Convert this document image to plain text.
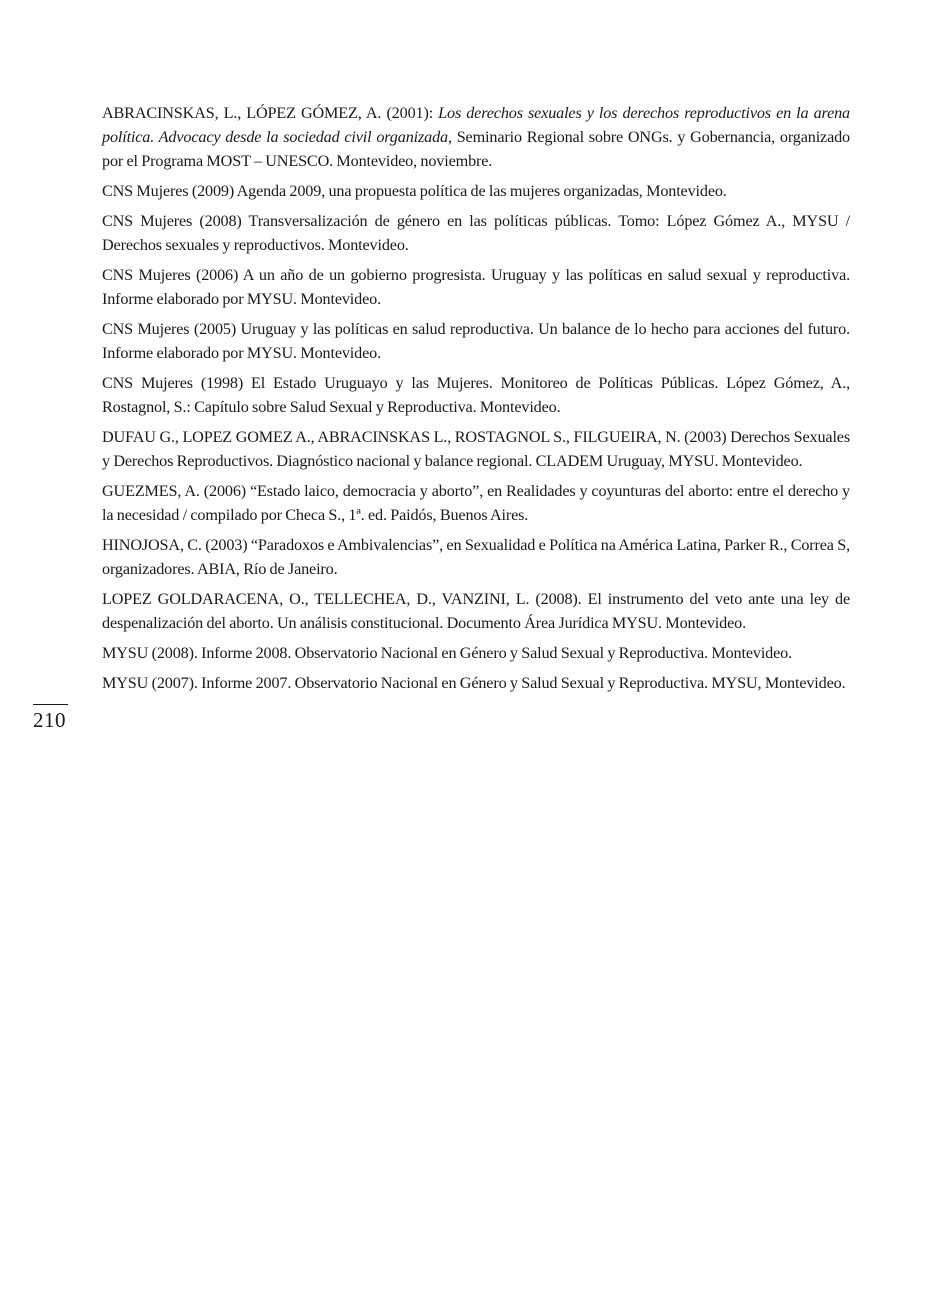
ABRACINSKAS, L., LÓPEZ GÓMEZ, A. (2001): Los derechos sexuales y los derechos reproductivos en la arena política. Advocacy desde la sociedad civil organizada, Seminario Regional sobre ONGs. y Gobernancia, organizado por el Programa MOST – UNESCO. Montevideo, noviembre.

CNS Mujeres (2009) Agenda 2009, una propuesta política de las mujeres organizadas, Montevideo.

CNS Mujeres (2008) Transversalización de género en las políticas públicas. Tomo: López Gómez A., MYSU / Derechos sexuales y reproductivos. Montevideo.

CNS Mujeres (2006) A un año de un gobierno progresista. Uruguay y las políticas en salud sexual y reproductiva. Informe elaborado por MYSU. Montevideo.

CNS Mujeres (2005) Uruguay y las políticas en salud reproductiva. Un balance de lo hecho para acciones del futuro. Informe elaborado por MYSU. Montevideo.

CNS Mujeres (1998) El Estado Uruguayo y las Mujeres. Monitoreo de Políticas Públicas. López Gómez, A., Rostagnol, S.: Capítulo sobre Salud Sexual y Reproductiva. Montevideo.

DUFAU G., LOPEZ GOMEZ A., ABRACINSKAS L., ROSTAGNOL S., FILGUEIRA, N. (2003) Derechos Sexuales y Derechos Reproductivos. Diagnóstico nacional y balance regional. CLADEM Uruguay, MYSU. Montevideo.

GUEZMES, A. (2006) “Estado laico, democracia y aborto”, en Realidades y coyunturas del aborto: entre el derecho y la necesidad / compilado por Checa S., 1ª. ed. Paidós, Buenos Aires.

HINOJOSA, C. (2003) “Paradoxos e Ambivalencias”, en Sexualidad e Política na América Latina, Parker R., Correa S, organizadores. ABIA, Río de Janeiro.

LOPEZ GOLDARACENA, O., TELLECHEA, D., VANZINI, L. (2008). El instrumento del veto ante una ley de despenalización del aborto. Un análisis constitucional. Documento Área Jurídica MYSU. Montevideo.

MYSU (2008). Informe 2008. Observatorio Nacional en Género y Salud Sexual y Reproductiva. Montevideo.

MYSU (2007). Informe 2007. Observatorio Nacional en Género y Salud Sexual y Reproductiva. MYSU, Montevideo.

210
